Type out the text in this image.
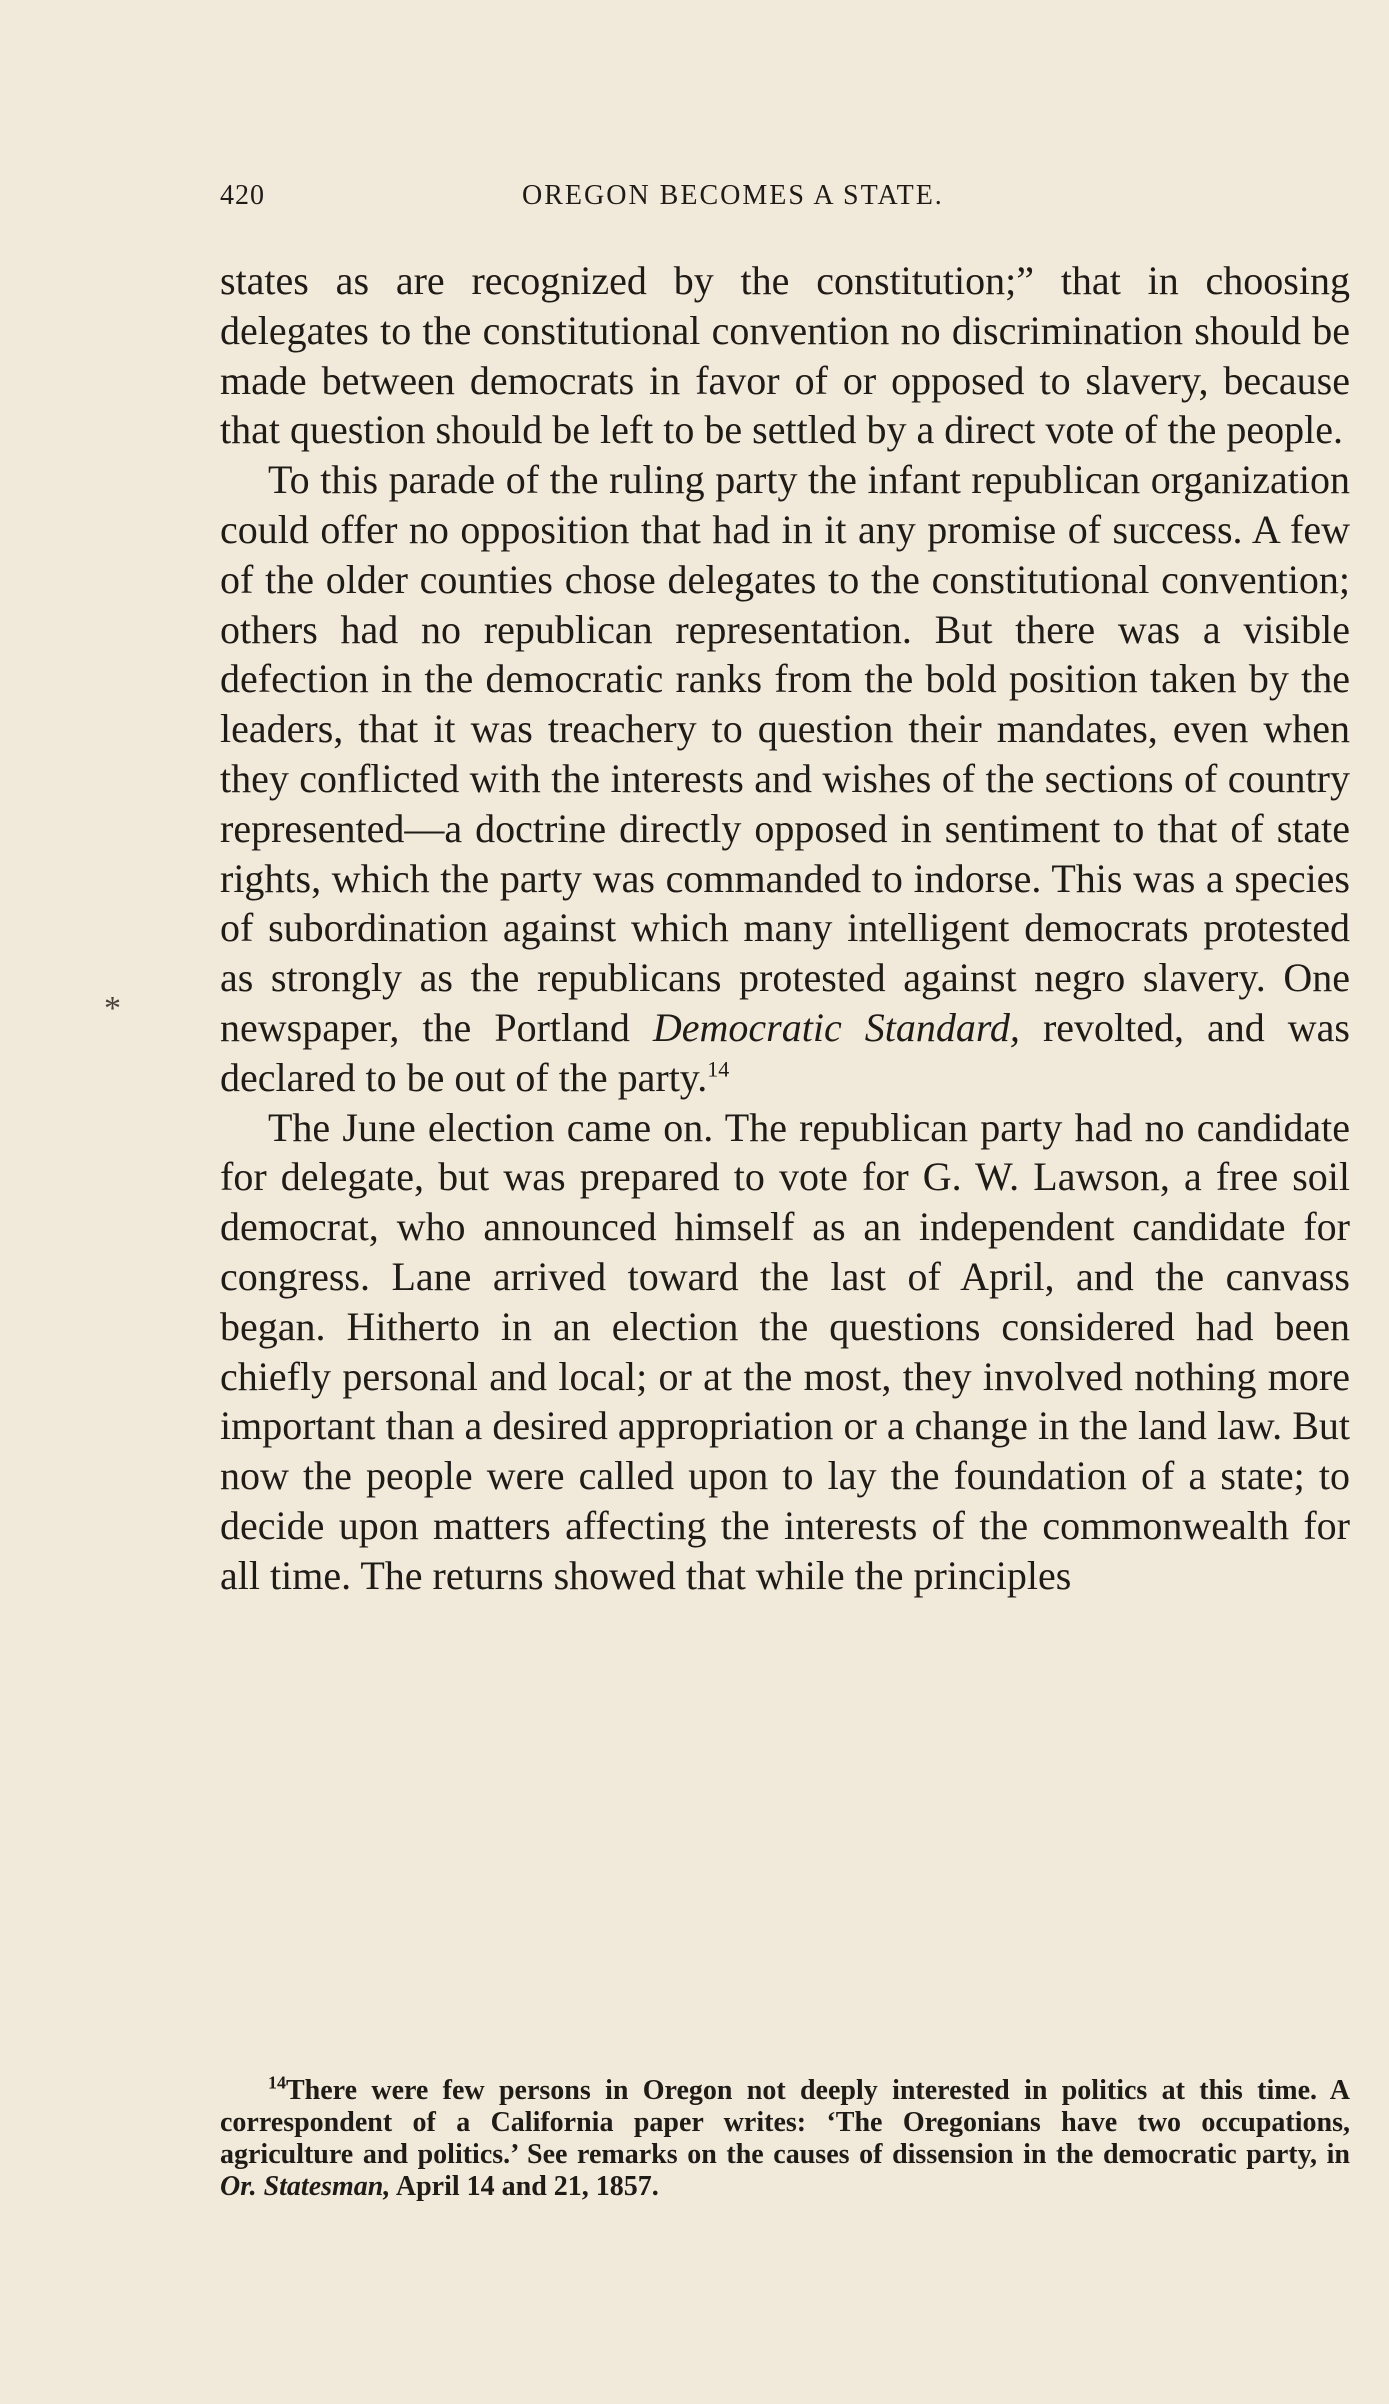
420	OREGON BECOMES A STATE.
*

states as are recognized by the constitution;” that in choosing delegates to the constitutional convention no discrimination should be made between democrats in favor of or opposed to slavery, because that question should be left to be settled by a direct vote of the people.

To this parade of the ruling party the infant republican organization could offer no opposition that had in it any promise of success. A few of the older counties chose delegates to the constitutional convention; others had no republican representation. But there was a visible defection in the democratic ranks from the bold position taken by the leaders, that it was treachery to question their mandates, even when they conflicted with the interests and wishes of the sections of country represented—a doctrine directly opposed in sentiment to that of state rights, which the party was commanded to indorse. This was a species of subordination against which many intelligent democrats protested as strongly as the republicans protested against negro slavery. One newspaper, the Portland Democratic Standard, revolted, and was declared to be out of the party.$^{14}$

The June election came on. The republican party had no candidate for delegate, but was prepared to vote for G. W. Lawson, a free soil democrat, who announced himself as an independent candidate for congress. Lane arrived toward the last of April, and the canvass began. Hitherto in an election the questions considered had been chiefly personal and local; or at the most, they involved nothing more important than a desired appropriation or a change in the land law. But now the people were called upon to lay the foundation of a state; to decide upon matters affecting the interests of the commonwealth for all time. The returns showed that while the principles

$^{14}$There were few persons in Oregon not deeply interested in politics at this time. A correspondent of a California paper writes: ‘The Oregonians have two occupations, agriculture and politics.’ See remarks on the causes of dissension in the democratic party, in Or. Statesman, April 14 and 21, 1857.
